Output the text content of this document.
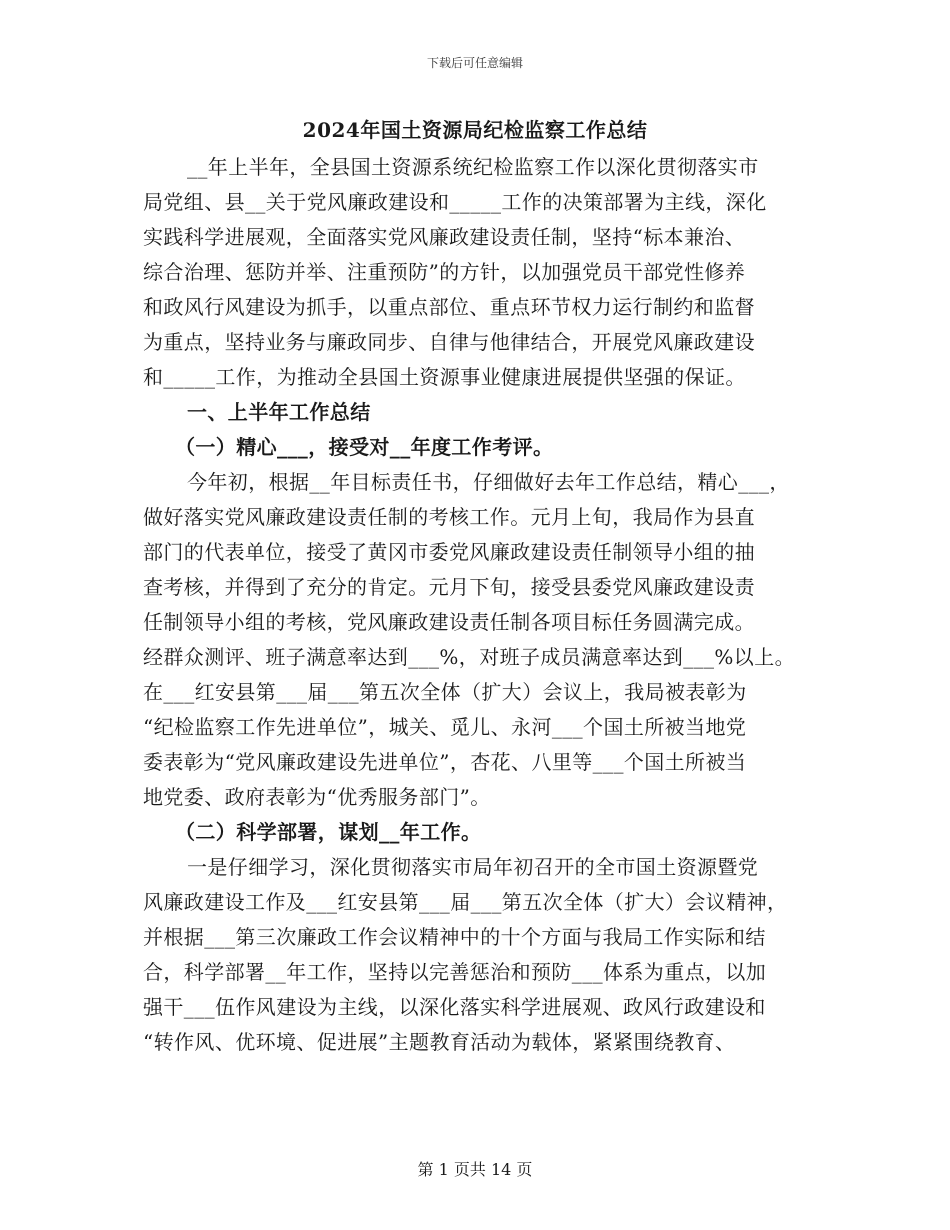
下载后可任意编辑
2024年国土资源局纪检监察工作总结
__年上半年，全县国土资源系统纪检监察工作以深化贯彻落实市
局党组、县__关于党风廉政建设和_____工作的决策部署为主线，深化
实践科学进展观，全面落实党风廉政建设责任制，坚持“标本兼治、
综合治理、惩防并举、注重预防”的方针，以加强党员干部党性修养
和政风行风建设为抓手，以重点部位、重点环节权力运行制约和监督
为重点，坚持业务与廉政同步、自律与他律结合，开展党风廉政建设
和_____工作，为推动全县国土资源事业健康进展提供坚强的保证。
一、上半年工作总结
（一）精心___，接受对__年度工作考评。
今年初，根据__年目标责任书，仔细做好去年工作总结，精心___，
做好落实党风廉政建设责任制的考核工作。元月上旬，我局作为县直
部门的代表单位，接受了黄冈市委党风廉政建设责任制领导小组的抽
查考核，并得到了充分的肯定。元月下旬，接受县委党风廉政建设责
任制领导小组的考核，党风廉政建设责任制各项目标任务圆满完成。
经群众测评、班子满意率达到___%，对班子成员满意率达到___%以上。
在___红安县第___届___第五次全体（扩大）会议上，我局被表彰为
“纪检监察工作先进单位”，城关、觅儿、永河___个国土所被当地党
委表彰为“党风廉政建设先进单位”，杏花、八里等___个国土所被当
地党委、政府表彰为“优秀服务部门”。
（二）科学部署，谋划__年工作。
一是仔细学习，深化贯彻落实市局年初召开的全市国土资源暨党
风廉政建设工作及___红安县第___届___第五次全体（扩大）会议精神，
并根据___第三次廉政工作会议精神中的十个方面与我局工作实际和结
合，科学部署__年工作，坚持以完善惩治和预防___体系为重点，以加
强干___伍作风建设为主线，以深化落实科学进展观、政风行政建设和
“转作风、优环境、促进展”主题教育活动为载体，紧紧围绕教育、
第 1 页共 14 页
